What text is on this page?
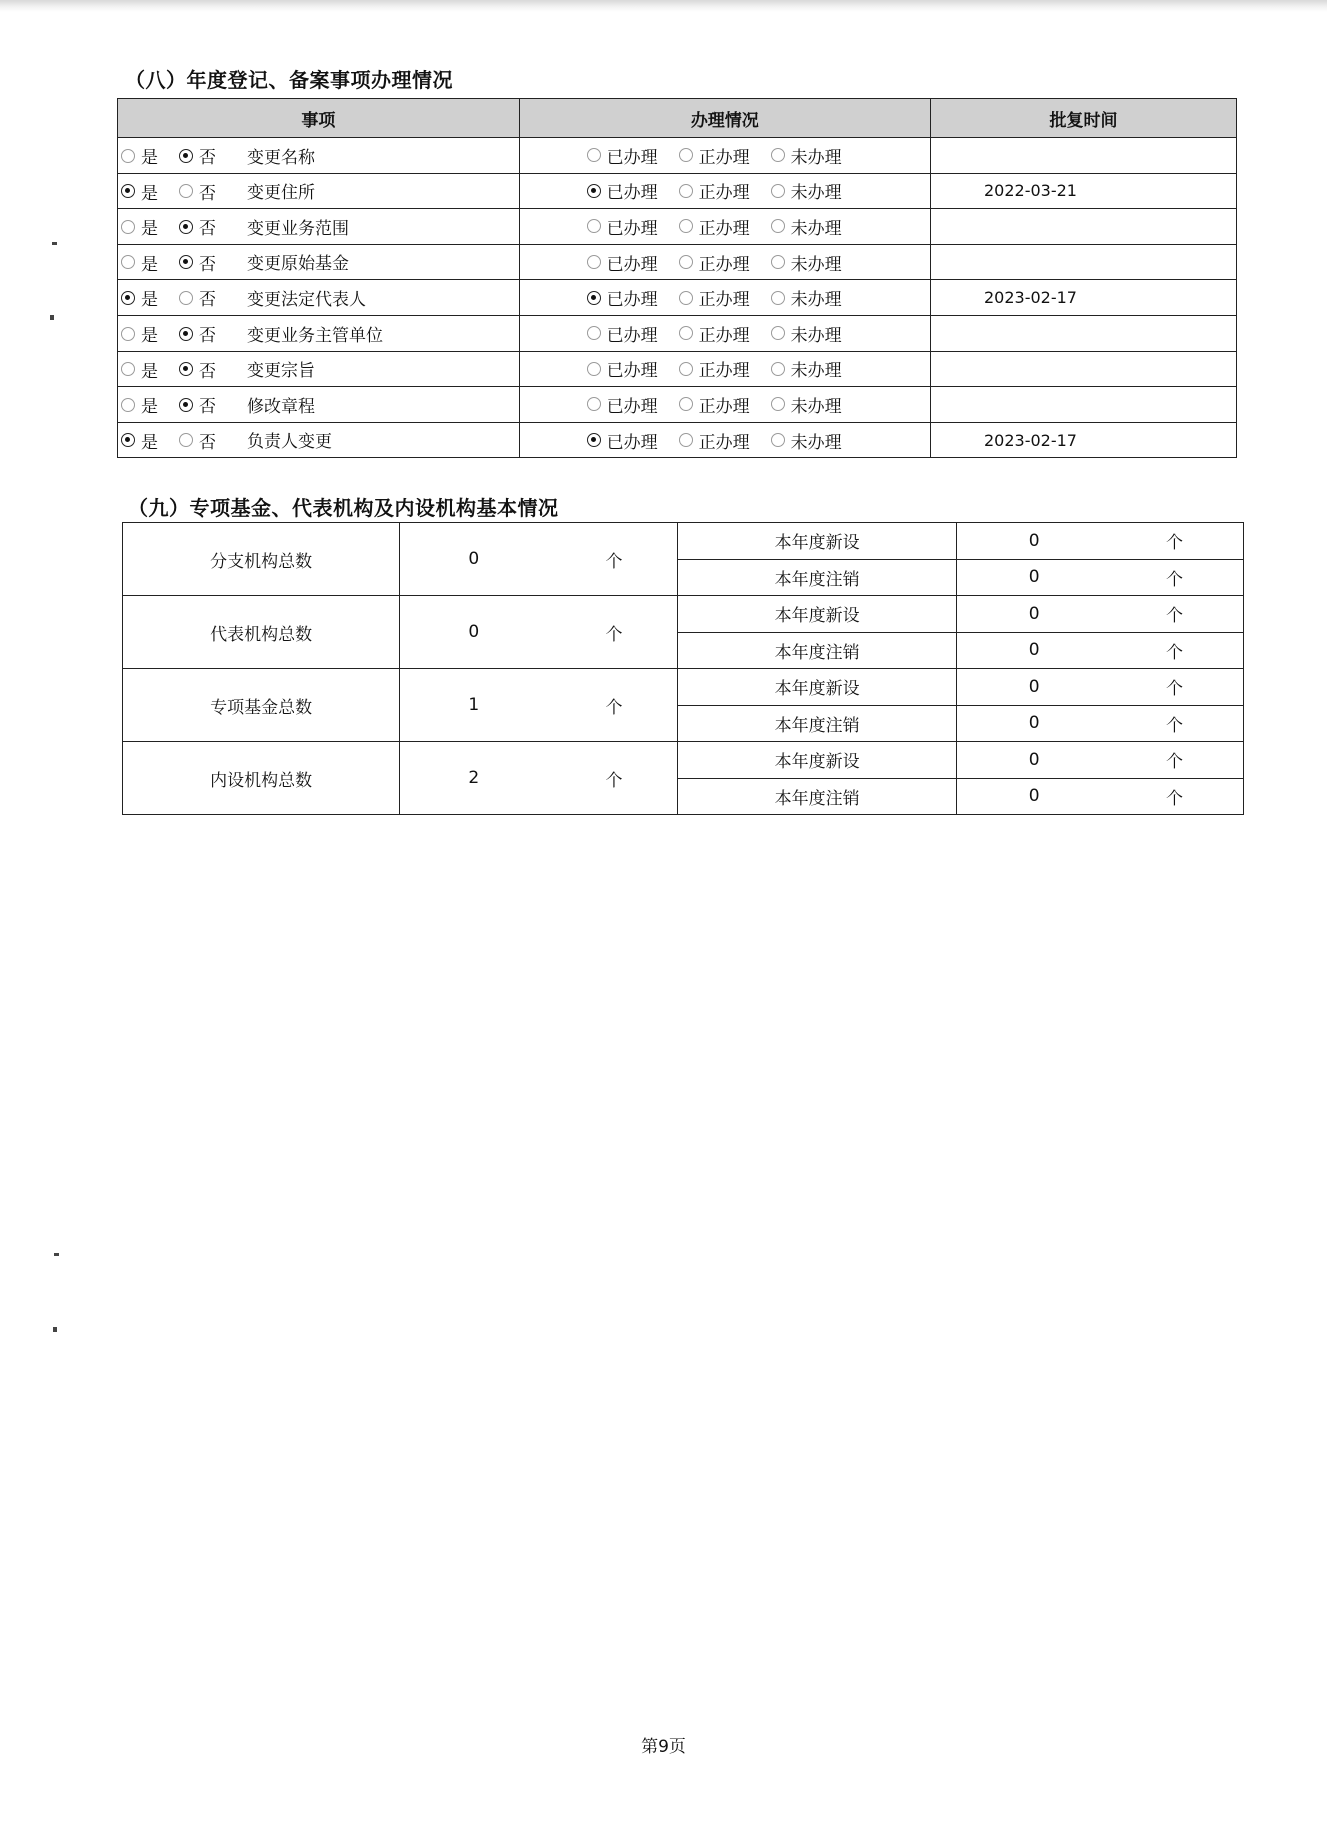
（八）年度登记、备案事项办理情况
事项	办理情况	批复时间

是 否 变更名称	已办理 正办理 未办理	

是 否 变更住所	已办理 正办理 未办理	2022-03-21

是 否 变更业务范围	已办理 正办理 未办理	

是 否 变更原始基金	已办理 正办理 未办理	

是 否 变更法定代表人	已办理 正办理 未办理	2023-02-17

是 否 变更业务主管单位	已办理 正办理 未办理	

是 否 变更宗旨	已办理 正办理 未办理	

是 否 修改章程	已办理 正办理 未办理	

是 否 负责人变更	已办理 正办理 未办理	2023-02-17
（九）专项基金、代表机构及内设机构基本情况
分支机构总数	0 个	本年度新设	0 个

		本年度注销	0 个

代表机构总数	0 个	本年度新设	0 个

		本年度注销	0 个

专项基金总数	1 个	本年度新设	0 个

		本年度注销	0 个

内设机构总数	2 个	本年度新设	0 个

		本年度注销	0 个
第9页
